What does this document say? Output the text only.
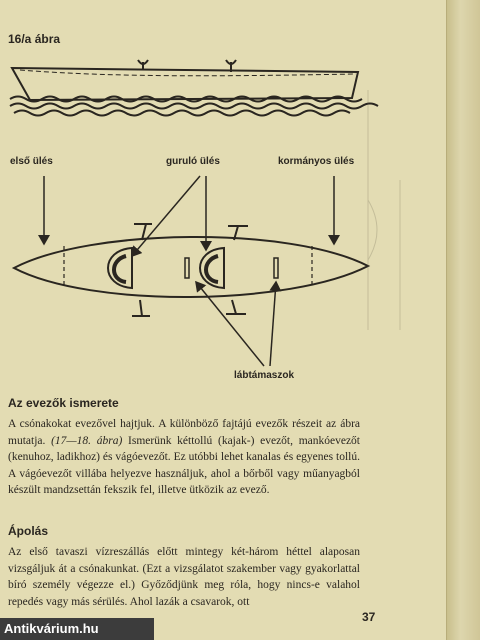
16/a ábra
első ülés	guruló ülés	kormányos ülés
lábtámaszok
Az evezők ismerete

A csónakokat evezővel hajtjuk. A különböző fajtájú evezők részeit az ábra mutatja. (17—18. ábra) Ismerünk kéttollú (kajak-) evezőt, mankóevezőt (kenuhoz, ladikhoz) és vágóevezőt. Ez utóbbi lehet kanalas és egyenes tollú. A vágóevezőt villába helyezve használjuk, ahol a bőrből vagy műanyagból készült mandzsettán fekszik fel, illetve ütközik az evező.

Ápolás

Az első tavaszi vízreszállás előtt mintegy két-három héttel alaposan vizsgáljuk át a csónakunkat. (Ezt a vizsgálatot szakember vagy gyakorlattal bíró személy végezze el.) Győződjünk meg róla, hogy nincs-e valahol repedés vagy más sérülés. Ahol lazák a csavarok, ott

37
Antikvárium.hu
